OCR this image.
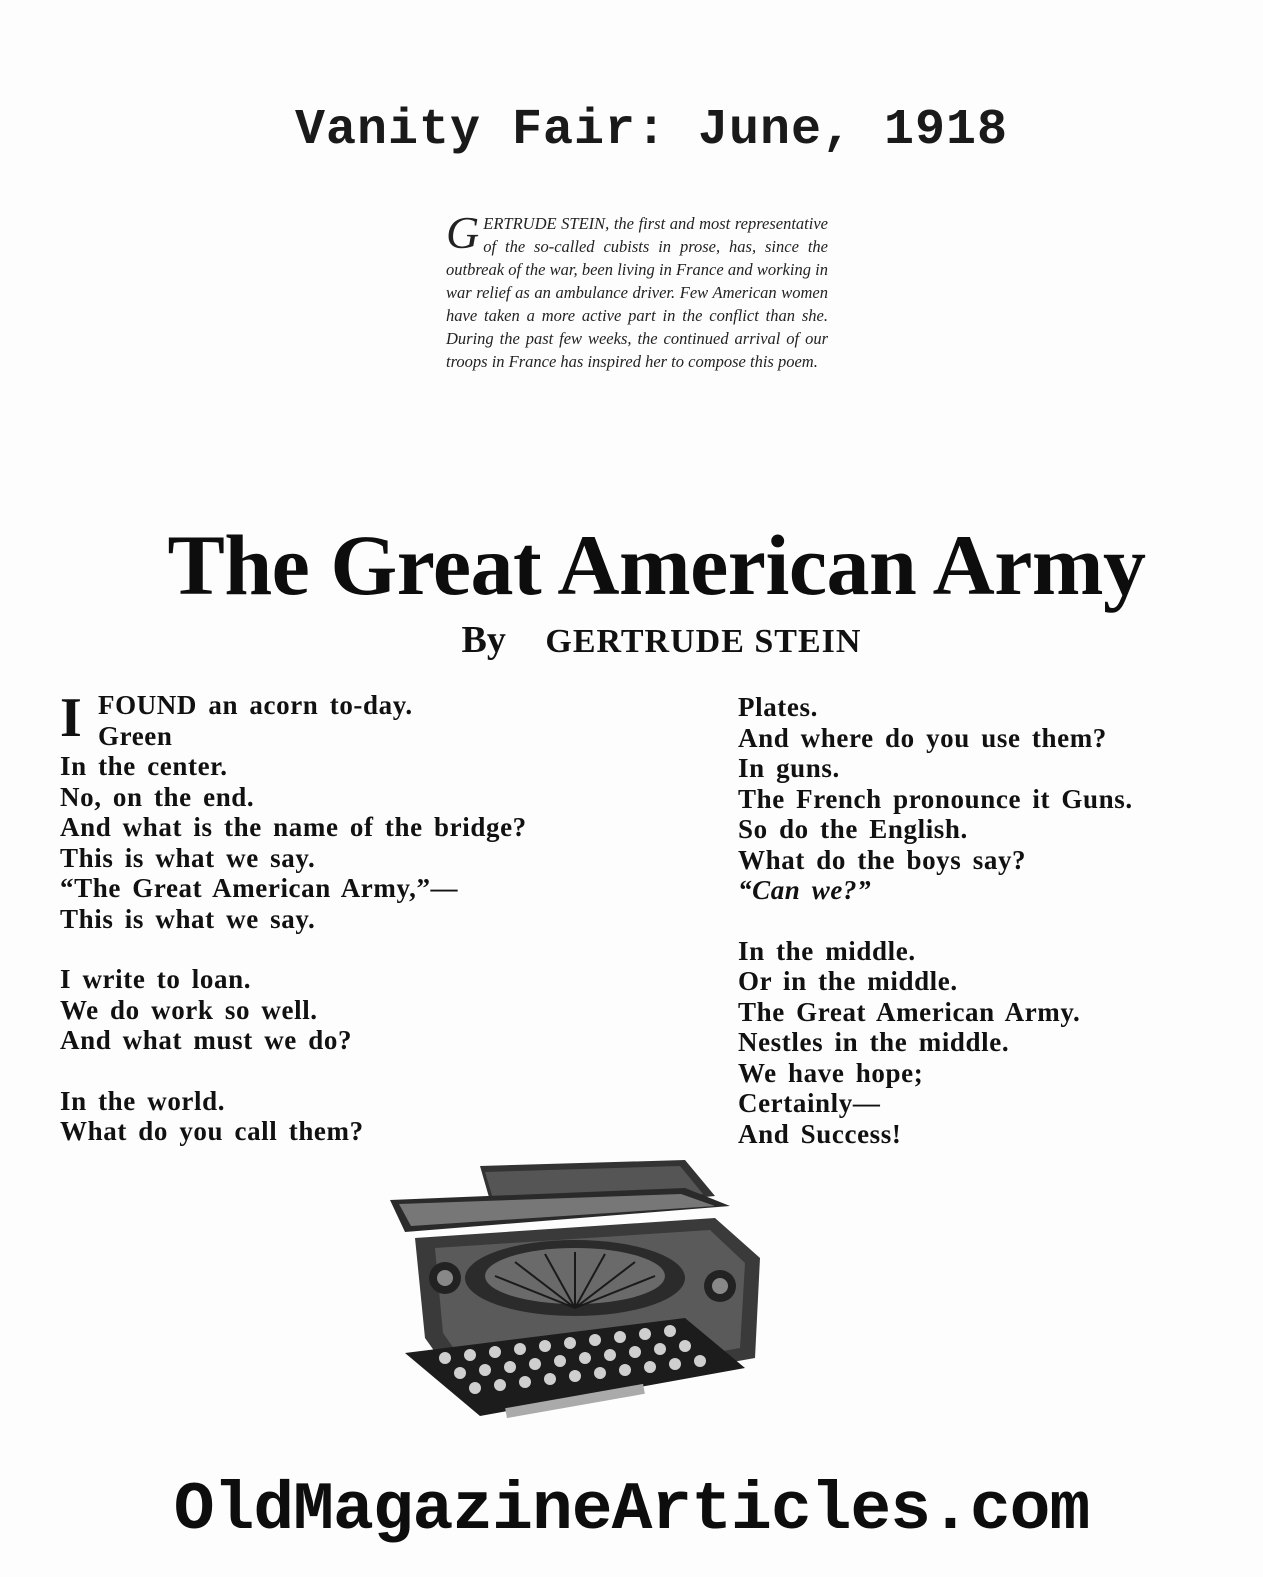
Vanity Fair: June, 1918
GERTRUDE STEIN, the first and most representative of the so-called cubists in prose, has, since the outbreak of the war, been living in France and working in war relief as an ambulance driver. Few American women have taken a more active part in the conflict than she. During the past few weeks, the continued arrival of our troops in France has inspired her to compose this poem.
The Great American Army
By GERTRUDE STEIN
I FOUND an acorn to-day.
Green
In the center.
No, on the end.
And what is the name of the bridge?
This is what we say.
“The Great American Army,”—
This is what we say.
I write to loan.
We do work so well.
And what must we do?
In the world.
What do you call them?
Plates.
And where do you use them?
In guns.
The French pronounce it Guns.
So do the English.
What do the boys say?
“Can we?”
In the middle.
Or in the middle.
The Great American Army.
Nestles in the middle.
We have hope;
Certainly—
And Success!
OldMagazineArticles.com
